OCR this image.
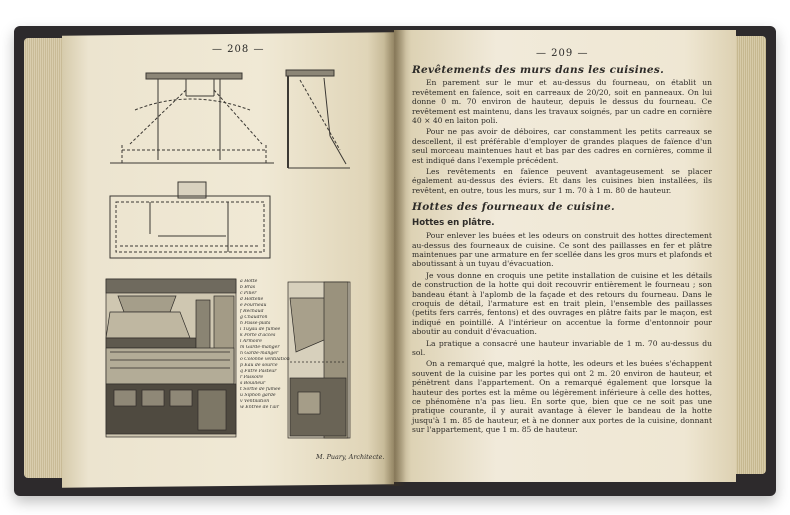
— 208 —	— 209 —
a Hotte
b Bras
c Pilier
d Hottelle
e Fourneau
f Réchaud
g Chaudron
h Passe-plats
i Tuyau de fumée
k Porte d'accès
l Armoire
m Garde-manger
n Garde-manger
o Colonne ventilation
p Eau de source
q Filtre Pasteur
r Passoire
s Bouilleur
t Sortie de fumée
u Siphon garde
v Ventilation
w Entrée de l'air
M. Puary, Architecte.
Revêtements des murs dans les cuisines.

En parement sur le mur et au-dessus du fourneau, on établit un revêtement en faïence, soit en carreaux de 20/20, soit en panneaux. On lui donne 0 m. 70 environ de hauteur, depuis le dessus du fourneau. Ce revêtement est maintenu, dans les travaux soignés, par un cadre en cornière 40 × 40 en laiton poli.

Pour ne pas avoir de déboires, car constamment les petits carreaux se descellent, il est préférable d'employer de grandes plaques de faïence d'un seul morceau maintenues haut et bas par des cadres en cornières, comme il est indiqué dans l'exemple précédent.

Les revêtements en faïence peuvent avantageusement se placer également au-dessus des éviers. Et dans les cuisines bien installées, ils revêtent, en outre, tous les murs, sur 1 m. 70 à 1 m. 80 de hauteur.

Hottes des fourneaux de cuisine.
Hottes en plâtre.

Pour enlever les buées et les odeurs on construit des hottes directement au-dessus des fourneaux de cuisine. Ce sont des paillasses en fer et plâtre maintenues par une armature en fer scellée dans les gros murs et plafonds et aboutissant à un tuyau d'évacuation.

Je vous donne en croquis une petite installation de cuisine et les détails de construction de la hotte qui doit recouvrir entièrement le fourneau ; son bandeau étant à l'aplomb de la façade et des retours du fourneau. Dans le croquis de détail, l'armature est en trait plein, l'ensemble des paillasses (petits fers carrés, fentons) et des ouvrages en plâtre faits par le maçon, est indiqué en pointillé. A l'intérieur on accentue la forme d'entonnoir pour aboutir au conduit d'évacuation.

La pratique a consacré une hauteur invariable de 1 m. 70 au-dessus du sol.

On a remarqué que, malgré la hotte, les odeurs et les buées s'échappent souvent de la cuisine par les portes qui ont 2 m. 20 environ de hauteur, et pénètrent dans l'appartement. On a remarqué également que lorsque la hauteur des portes est la même ou légèrement inférieure à celle des hottes, ce phénomène n'a pas lieu. En sorte que, bien que ce ne soit pas une pratique courante, il y aurait avantage à élever le bandeau de la hotte jusqu'à 1 m. 85 de hauteur, et à ne donner aux portes de la cuisine, donnant sur l'appartement, que 1 m. 85 de hauteur.
